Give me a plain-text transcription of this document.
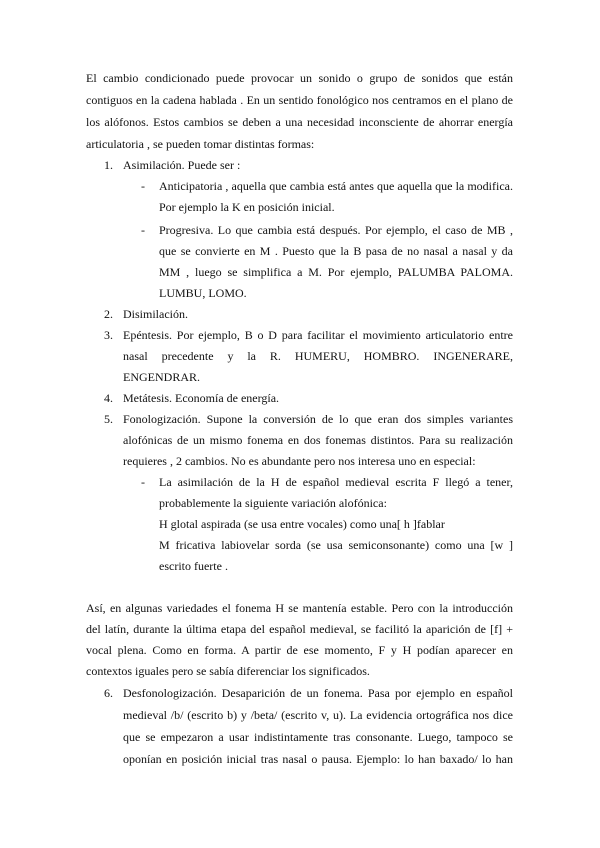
El cambio condicionado puede provocar un sonido o grupo de sonidos que están
contiguos en la cadena hablada . En un sentido fonológico nos centramos en el plano de
los alófonos. Estos cambios se deben a una necesidad inconsciente de ahorrar energía
articulatoria , se pueden tomar distintas formas:
1. Asimilación. Puede ser :
- Anticipatoria , aquella que cambia está antes que aquella que la modifica.
Por ejemplo la K en posición inicial.
- Progresiva. Lo que cambia está después. Por ejemplo, el caso de MB ,
que se convierte en M . Puesto que la B pasa de no nasal a nasal y da
MM , luego se simplifica a M. Por ejemplo, PALUMBA PALOMA.
LUMBU, LOMO.
2. Disimilación.
3. Epéntesis. Por ejemplo, B o D para facilitar el movimiento articulatorio entre
nasal precedente y la R. HUMERU, HOMBRO. INGENERARE,
ENGENDRAR.
4. Metátesis. Economía de energía.
5. Fonologización. Supone la conversión de lo que eran dos simples variantes
alofónicas de un mismo fonema en dos fonemas distintos. Para su realización
requieres , 2 cambios. No es abundante pero nos interesa uno en especial:
- La asimilación de la H de español medieval escrita F llegó a tener,
probablemente la siguiente variación alofónica:
H glotal aspirada (se usa entre vocales) como una[ h ]fablar
M fricativa labiovelar sorda (se usa semiconsonante) como una [w ]
escrito fuerte .
Así, en algunas variedades el fonema H se mantenía estable. Pero con la introducción
del latín, durante la última etapa del español medieval, se facilitó la aparición de [f] +
vocal plena. Como en forma. A partir de ese momento, F y H podían aparecer en
contextos iguales pero se sabía diferenciar los significados.
6. Desfonologización. Desaparición de un fonema. Pasa por ejemplo en español
medieval /b/ (escrito b) y /beta/ (escrito v, u). La evidencia ortográfica nos dice
que se empezaron a usar indistintamente tras consonante. Luego, tampoco se
oponían en posición inicial tras nasal o pausa. Ejemplo: lo han baxado/ lo han
